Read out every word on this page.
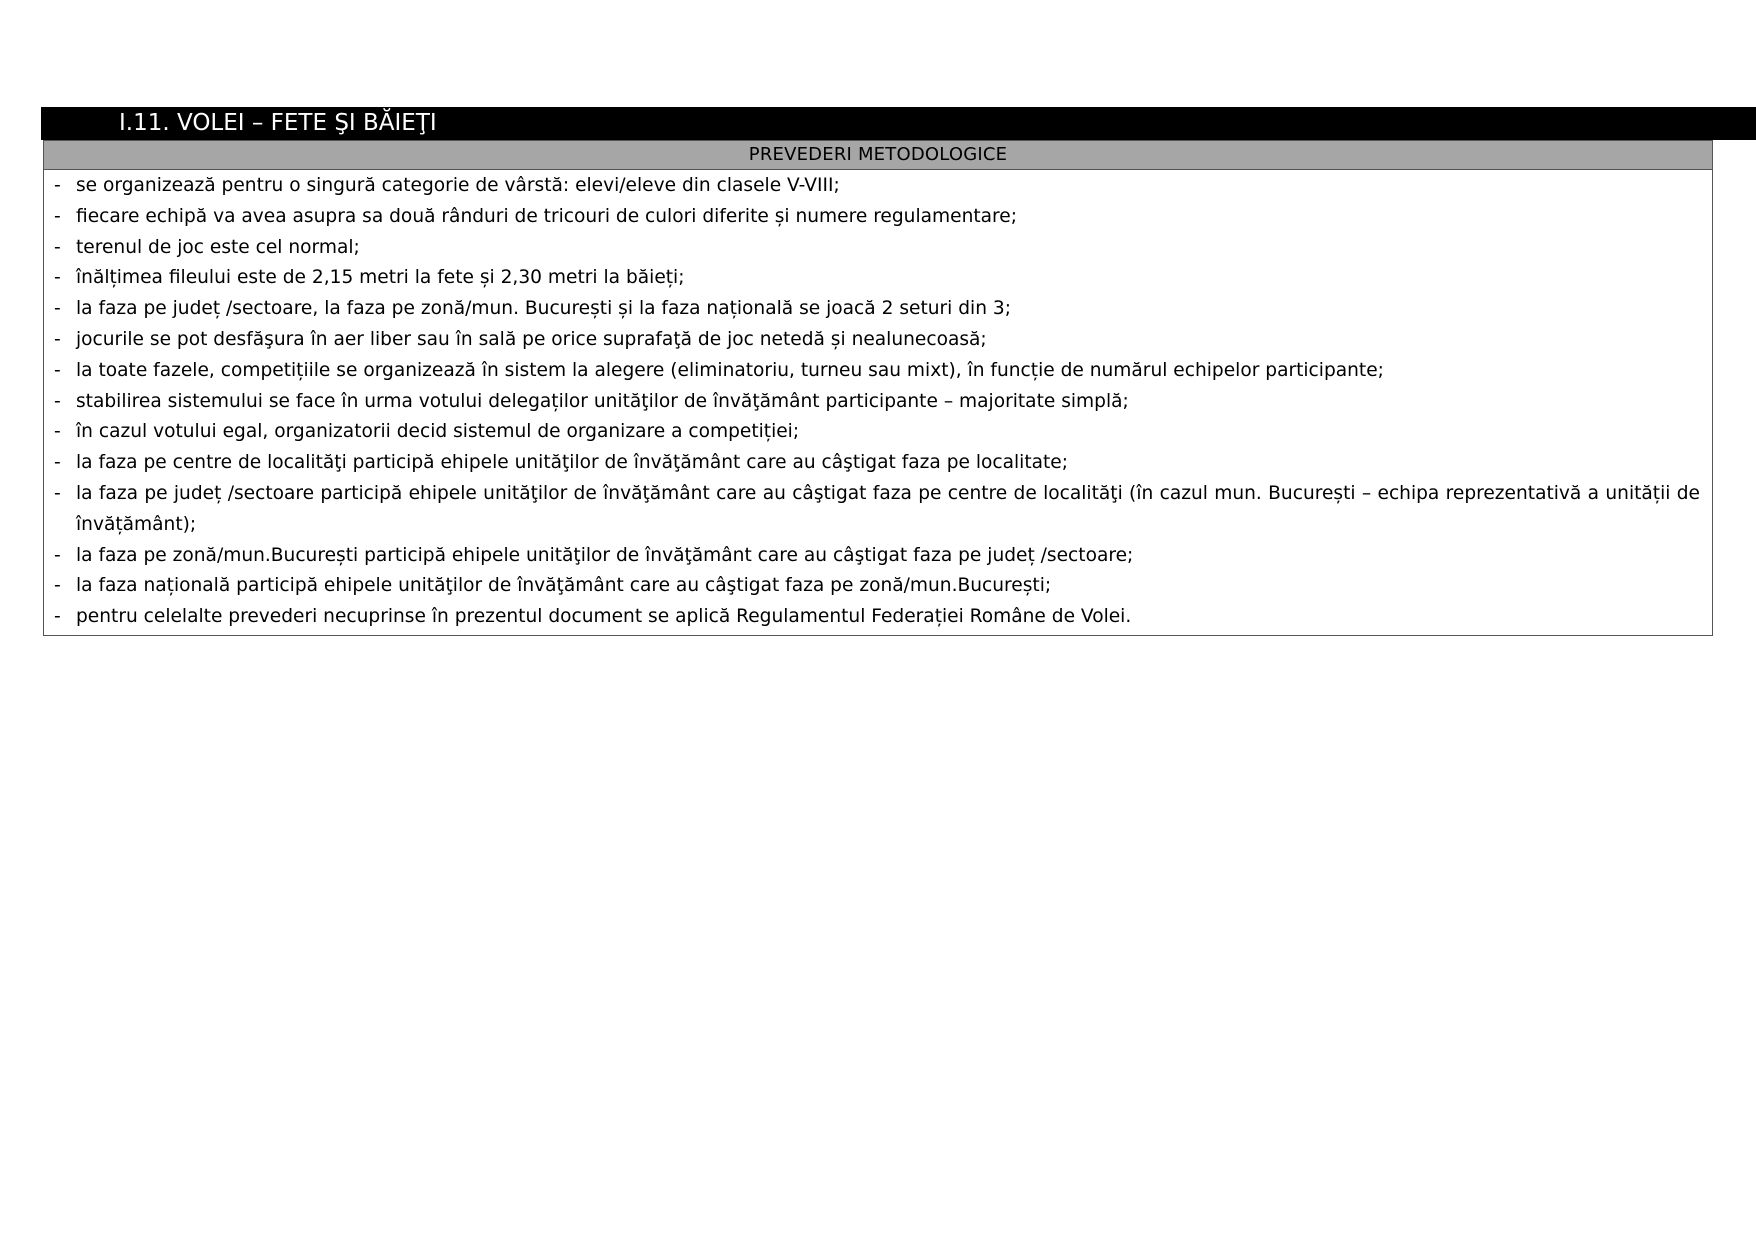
I.11. VOLEI – FETE ŞI BĂIEŢI
PREVEDERI METODOLOGICE
- se organizează pentru o singură categorie de vârstă: elevi/eleve din clasele V-VIII;
- fiecare echipă va avea asupra sa două rânduri de tricouri de culori diferite și numere regulamentare;
- terenul de joc este cel normal;
- înălțimea fileului este de 2,15 metri la fete și 2,30 metri la băieți;
- la faza pe județ /sectoare, la faza pe zonă/mun. București și la faza națională se joacă 2 seturi din 3;
- jocurile se pot desfăşura în aer liber sau în sală pe orice suprafaţă de joc netedă și nealunecoasă;
- la toate fazele, competițiile se organizează în sistem la alegere (eliminatoriu, turneu sau mixt), în funcție de numărul echipelor participante;
- stabilirea sistemului se face în urma votului delegaților unităţilor de învăţământ participante – majoritate simplă;
- în cazul votului egal, organizatorii decid sistemul de organizare a competiției;
- la faza pe centre de localităţi participă ehipele unităţilor de învăţământ care au câştigat faza pe localitate;
- la faza pe județ /sectoare participă ehipele unităţilor de învăţământ care au câştigat faza pe centre de localităţi (în cazul mun. București – echipa reprezentativă a unității de învățământ);
- la faza pe zonă/mun.București participă ehipele unităţilor de învăţământ care au câştigat faza pe județ /sectoare;
- la faza națională participă ehipele unităţilor de învăţământ care au câştigat faza pe zonă/mun.București;
- pentru celelalte prevederi necuprinse în prezentul document se aplică Regulamentul Federației Române de Volei.
